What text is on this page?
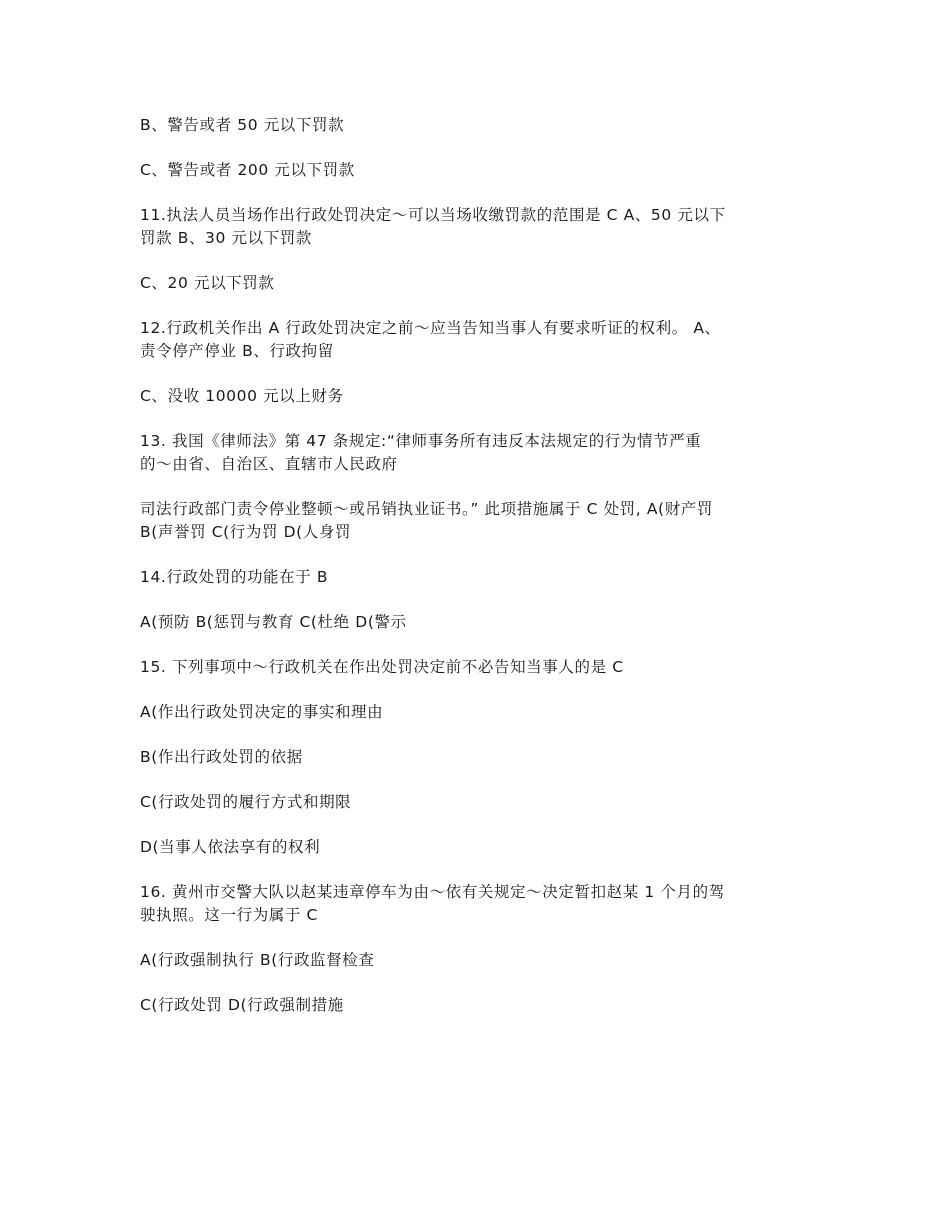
B、警告或者 50 元以下罚款
C、警告或者 200 元以下罚款
11.执法人员当场作出行政处罚决定～可以当场收缴罚款的范围是 C A、50 元以下
罚款 B、30 元以下罚款
C、20 元以下罚款
12.行政机关作出 A 行政处罚决定之前～应当告知当事人有要求听证的权利。 A、
责令停产停业 B、行政拘留
C、没收 10000 元以上财务
13. 我国《律师法》第 47 条规定:“律师事务所有违反本法规定的行为情节严重
的～由省、自治区、直辖市人民政府
司法行政部门责令停业整顿～或吊销执业证书。” 此项措施属于 C 处罚, A(财产罚
B(声誉罚 C(行为罚 D(人身罚
14.行政处罚的功能在于 B
A(预防 B(惩罚与教育 C(杜绝 D(警示
15. 下列事项中～行政机关在作出处罚决定前不必告知当事人的是 C
A(作出行政处罚决定的事实和理由
B(作出行政处罚的依据
C(行政处罚的履行方式和期限
D(当事人依法享有的权利
16. 黄州市交警大队以赵某违章停车为由～依有关规定～决定暂扣赵某 1 个月的驾
驶执照。这一行为属于 C
A(行政强制执行 B(行政监督检查
C(行政处罚 D(行政强制措施
